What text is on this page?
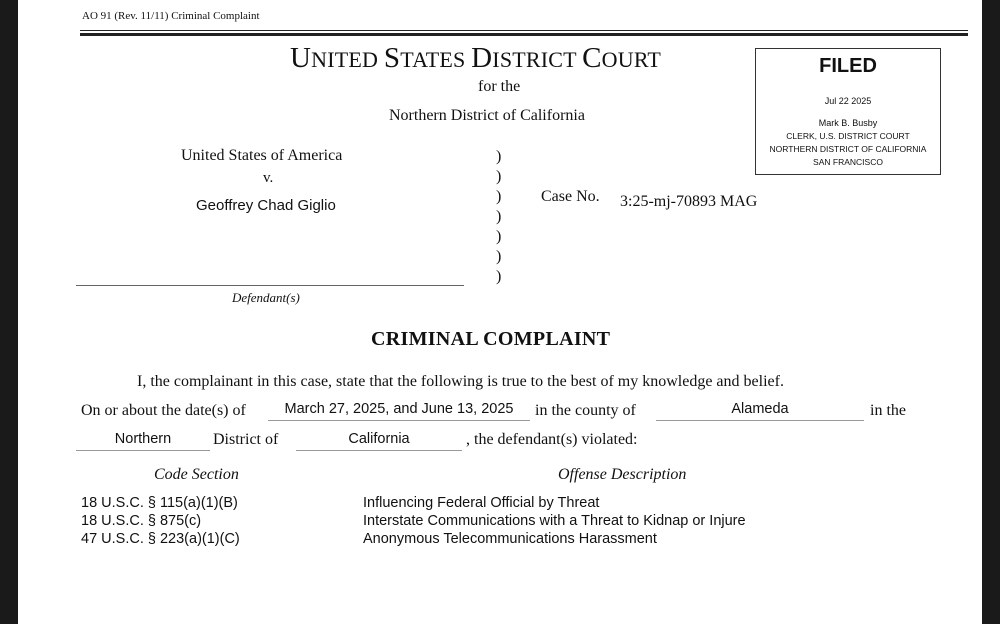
AO 91 (Rev. 11/11) Criminal Complaint
UNITED STATES DISTRICT COURT
for the
Northern District of California
FILED
Jul 22 2025
Mark B. Busby
CLERK, U.S. DISTRICT COURT
NORTHERN DISTRICT OF CALIFORNIA
SAN FRANCISCO
United States of America
v.
Geoffrey Chad Giglio
)
)
)
)
)
)
)
Defendant(s)
Case No. 3:25-mj-70893 MAG
CRIMINAL COMPLAINT
I, the complainant in this case, state that the following is true to the best of my knowledge and belief.
On or about the date(s) of	March 27, 2025, and June 13, 2025	in the county of	Alameda	in the
Northern	District of	California	, the defendant(s) violated:
Code Section	Offense Description
18 U.S.C. § 115(a)(1)(B)	Influencing Federal Official by Threat
18 U.S.C. § 875(c)	Interstate Communications with a Threat to Kidnap or Injure
47 U.S.C. § 223(a)(1)(C)	Anonymous Telecommunications Harassment
